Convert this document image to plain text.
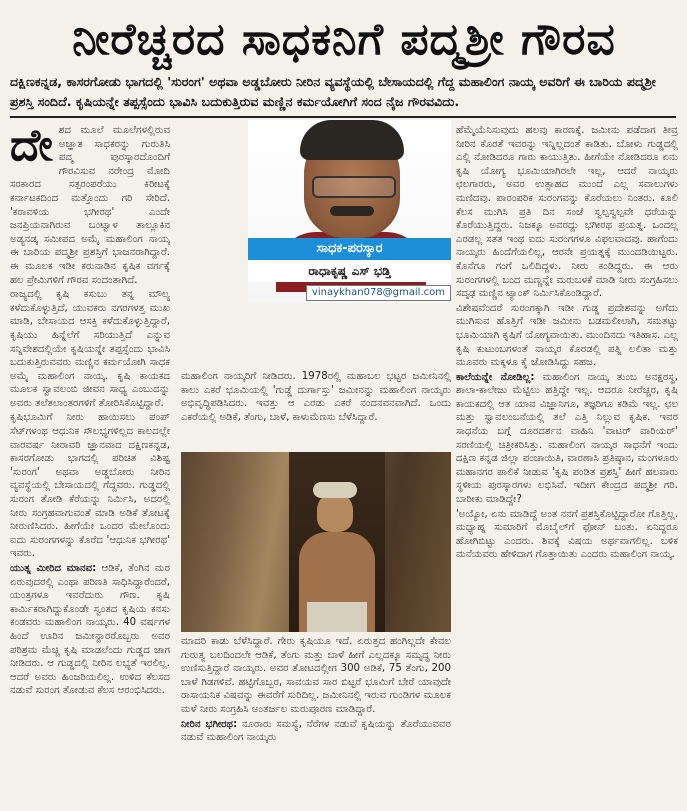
ನೀರೆಚ್ಚರದ ಸಾಧಕನಿಗೆ ಪದ್ಮಶ್ರೀ ಗೌರವ

ದಕ್ಷಿಣಕನ್ನಡ, ಕಾಸರಗೋಡು ಭಾಗದಲ್ಲಿ 'ಸುರಂಗ' ಅಥವಾ ಅಡ್ಡಬೋರು ನೀರಿನ ವ್ಯವಸ್ಥೆಯಲ್ಲಿ ಬೇಸಾಯದಲ್ಲಿ ಗೆದ್ದ ಮಹಾಲಿಂಗ ನಾಯ್ಕ ಅವರಿಗೆ ಈ ಬಾರಿಯ ಪದ್ಮಶ್ರೀ ಪ್ರಶಸ್ತಿ ಸಂದಿದೆ. ಕೃಷಿಯನ್ನೇ ತಪ್ಪಸ್ಸೆಂದು ಭಾವಿಸಿ ಬದುಕುತ್ತಿರುವ ಮಣ್ಣಿನ ಕರ್ಮಯೋಗಿಗೆ ಸಂದ ನೈಜ ಗೌರವವಿದು.

ದೇ ಶದ ಮೂಲೆ ಮೂಲೆಗಳಲ್ಲಿರುವ ಅಜ್ಞಾತ ಸಾಧಕರನ್ನು ಗುರುತಿಸಿ ಪದ್ಮ ಪುರಸ್ಕಾರದೊಂದಿಗೆ ಗೌರವಿಸುವ ನರೇಂದ್ರ ಮೋದಿ ಸರಕಾರದ ಸತ್ಪರಂಪರೆಯು ಕಿರೀಟಕ್ಕೆ ಕರ್ನಾಟಕದಿಂದ ಮತ್ತೊಂದು ಗರಿ ಸೇರಿದೆ. 'ಕರಾವಳಿಯ ಭಗೀರಥ' ಎಂದೇ ಜನಪ್ರಿಯನಾಗಿರುವ ಬಂಟ್ವಾಳ ತಾಲ್ಲೂಕಿನ ಅಡ್ಯನಡ್ಕ ಸಮೀಪದ ಅಮೈ ಮಹಾಲಿಂಗ ನಾಯ್ಕ ಈ ಬಾರಿಯ ಪದ್ಮಶ್ರೀ ಪ್ರಶಸ್ತಿಗೆ ಭಾಜನರಾಗಿದ್ದಾರೆ. ಈ ಮೂಲಕ ಇಡೀ ಕರುನಾಡಿನ ಕೃಷಿಕ ವರ್ಗಕ್ಕೆ ಹಲ ಪ್ರೇಮಿಗಳಿಗೆ ಗೌರವ ಸಂದಂತಾಗಿದೆ.

ರಾಜ್ಯದಲ್ಲಿ ಕೃಷಿ ಕಸುಬು ತನ್ನ ಮೌಲ್ಯ ಕಳೆದುಕೊಳ್ಳುತ್ತಿದೆ, ಯುವಕರು ನಗರಗಳತ್ತ ಮುಖ ಮಾಡಿ, ಬೇಸಾಯದ ಆಸಕ್ತಿ ಕಳೆದುಕೊಳ್ಳುತ್ತಿದ್ದಾರೆ, ಕೃಷಿಯು ಹಿನ್ನೆಲೆಗೆ ಸರಿಯುತ್ತಿದೆ ಎನ್ನುವ ಸನ್ನಿವೇಶದಲ್ಲಿಯೇ ಕೃಷಿಯನ್ನೇ ತಪ್ಪಸ್ಸೆಂದು ಭಾವಿಸಿ ಬದುಕುತ್ತಿರುವವರು ಮಣ್ಣಿನ ಕರ್ಮಯೋಗಿ ಸಾಧಕ ಅಮೈ ಮಹಾಲಿಂಗ ನಾಯ್ಕ. ಕೃಷಿ ಕಾಯಕದ ಮೂಲಕ ಸ್ವಾವಲಂಬಿ ಜೀವನ ಸಾಧ್ಯ ಎಂಬುದನ್ನು ಅವರು ತಲೆತಲಾಂತರಗಳಿಗೆ ತೋರಿಸಿಕೊಟ್ಟಿದ್ದಾರೆ.

ಕೃಷಿಭೂಮಿಗೆ ನೀರು ಹಾಯಿಸಲು ಪಂಪ್ ಸೆಟ್‌ಗಳಂಥ ಆಧುನಿಕ ಸೌಲಭ್ಯಗಳಿಲ್ಲದ ಕಾಲದಲ್ಲೇ ವಾರವರ್ಷ ನೀರಾವರಿ ಜ್ಞಾನವಾದ ದಕ್ಷಿಣಕನ್ನಡ, ಕಾಸರಗೋಡು ಭಾಗದಲ್ಲಿ ಪರಿಚಿತ ವಿಶಿಷ್ಟ 'ಸುರಂಗ' ಅಥವಾ ಅಡ್ಡಬೋರು ನೀರಿನ ವ್ಯವಸ್ಥೆಯಲ್ಲಿ ಬೇಸಾಯದಲ್ಲಿ ಗೆದ್ದವರು. ಗುಡ್ಡದಲ್ಲಿ ಸುರಂಗ ತೋಡಿ ಕೆರೆಯನ್ನು ನಿರ್ಮಿಸಿ, ಅದರಲ್ಲಿ ನೀರು ಸಂಗ್ರಹವಾಗುವಂತೆ ಮಾಡಿ ಅಡಿಕೆ ತೋಟಕ್ಕೆ ನೀರುಣಿಸಿದರು. ಹೀಗೆಯೇ ಒಂದರ ಮೇಲೊಂದು ಐದು ಸುರಂಗಗಳನ್ನು ಕೊರೆದ 'ಆಧುನಿಕ ಭಗೀರಥ' ಇವರು.

ಯುತ್ನ ಮೀರಿದ ಮಾನವ: ಆಡಿಕೆ, ತೆಂಗಿನ ಮರ ಏರುವುದರಲ್ಲಿ ಎಂಥಾ ಪರಿಣತಿ ಸಾಧಿಸಿದ್ದಾರೆಂದರೆ, ಯಂತ್ರಗಳೂ ಇವರೆದುರು ಗೌಣ. ಕೃಷಿ ಕಾರ್ಮಿಕರಾಗಿದ್ದುಕೊಂಡೇ ಸ್ವಂತದ ಕೃಷಿಯ ಕನಸು ಕಂಡವರು ಮಹಾಲಿಂಗ ನಾಯ್ಕರು. 40 ವರ್ಷಗಳ ಹಿಂದೆ ಊರಿನ ಜಮೀನ್ದಾರರೊಬ್ಬರು ಅವರ ಪರಿಶ್ರಮ ಮೆಚ್ಚಿ ಕೃಷಿ ಮಾಡಲೆಂದು ಗುಡ್ಡದ ಜಾಗ ನೀಡಿದರು. ಆ ಗುಡ್ಡದಲ್ಲಿ ನೀರಿನ ಲಭ್ಯತೆ ಇರಲಿಲ್ಲ. ಆದರೆ ಅವರು ಹಿಂಜರಿಯಲಿಲ್ಲ. ಉಳಿದ ಕೆಲಸದ ನಡುವೆ ಸುರಂಗ ತೋಡುವ ಕೆಲಸ ಆರಂಭಿಸಿದರು.

ಸಾಧಕ-ಪರಸ್ಕಾರ
ರಾಧಾಕೃಷ್ಣ ಎಸ್ ಭಡ್ತಿ
vinaykhan078@gmail.com

ಮಹಾಲಿಂಗ ನಾಯ್ಕರಿಗೆ ನೀಡಿದರು. 1978ರಲ್ಲಿ ಮಹಾಬಲ ಭಟ್ಟರ ಜಮೀನಿನಲ್ಲಿ ಕಾಲು ಎಕರೆ ಭೂಮಿಯಲ್ಲಿ 'ಗುಡ್ಡೆ ದುರ್ಗಾಸ್ತು' ಜಮೀನನ್ನು ಮಹಾಲಿಂಗ ನಾಯ್ಕರು ಅಭಿವೃದ್ಧಿಪಡಿಸಿದರು. ಇವತ್ತು ಆ ಎರಡು ಎಕರೆ ನಂದನವನವಾಗಿದೆ. ಒಂದು ಎಕರೆಯಲ್ಲಿ ಅಡಿಕೆ, ತೆಂಗು, ಬಾಳೆ, ಕಾಳುಮೆಣಸು ಬೆಳೆಸಿದ್ದಾರೆ.

ಮಾದರಿ ಕಾಡು ಬೆಳೆಸಿದ್ದಾರೆ. ಗೇರು ಕೃಷಿಯೂ ಇದೆ. ಏರುತ್ತದ ಹಂಗಿಲ್ಲದೇ ಕೇವಲ ಗುರುತ್ವ ಬಲದಿಂದಲೇ ಆಡಿಕೆ, ತೆಂಗು ಮತ್ತು ಬಾಳೆ ಹೀಗೆ ಎಲ್ಲದಕ್ಕೂ ಸಮೃದ್ಧ ನೀರು ಉಣಿಸುತ್ತಿದ್ದಾರೆ ನಾಯ್ಕರು. ಅವರ ತೋಟದಲ್ಲೀಗ 300 ಅಡಿಕೆ, 75 ತೆಂಗು, 200 ಬಾಳೆ ಗಿಡಗಳಿವೆ. ಹಟ್ಟಿಗೊಬ್ಬರ, ಸಾವಯವ ಸಾರ ಬಿಟ್ಟರೆ ಭೂಮಿಗೆ ಬೇರೆ ಯಾವುದೇ ರಾಸಾಯನಿಕ ವಿಷವನ್ನು ಈವರೆಗೆ ಸುರಿದಿಲ್ಲ. ಜಮೀನಿನಲ್ಲಿ ಇರುವ ಗುಂಡಿಗಳ ಮೂಲಕ ಮಳೆ ನೀರು ಸಂಗ್ರಹಿಸಿ ಅಂತರ್ಜಲ ಮರುಪೂರಣ ಮಾಡಿದ್ದಾರೆ.

ನೀರಿನ ಭಗೀರಥ: ನೂರಾರು ಸಮಸ್ಯೆ, ನೆರೆಗಳ ನಡುವೆ ಕೃಷಿಯನ್ನು ತೊರೆಯುವವರ ನಡುವೆ ಮಹಾಲಿಂಗ ನಾಯ್ಕರು

ಹೆಮ್ಮೆಯೆನಿಸುವುದು ಹಲವು ಕಾರಣಕ್ಕೆ. ಜಮೀನು ಪಡೆದಾಗ ತೀವ್ರ ನೀರಿನ ಕೊರತೆ ಇವರನ್ನು ಇನ್ನಿಲ್ಲದಂತೆ ಕಾಡಿತು. ಬೋಳು ಗುಡ್ಡದಲ್ಲಿ ಎಲ್ಲಿ ನೋಡಿದರೂ ಗಾರು ಕಾಯುತ್ತಿತು. ಹೀಗೆಯೇ ನೋಡಿದರೂ ಏನು ಕೃಷಿ ಯೋಗ್ಯ ಭೂಮಿಯಾಗಿರಲೇ ಇಲ್ಲ, ಆದರೆ ನಾಯ್ಕರು ಛಲಗಾರರು, ಅವರ ಉತ್ಸಾಹದ ಮುಂದೆ ಎಲ್ಲ ಸವಾಲುಗಳು ಮಣಿದವು. ಪಾರಂಪರಿಕ ಸುರಂಗವನ್ನು ಕೊರೆಯಲು ನಿಂತರು. ಕೂಲಿ ಕೆಲಸ ಮುಗಿಸಿ ಪ್ರತಿ ದಿನ ಸಂಜೆ ಸ್ವಲ್ಪಸ್ವಲ್ಪವೇ ಧರೆಯನ್ನು ಕೊರೆಯುತ್ತಿದ್ದರು. ನಿಜಕ್ಕೂ ಅವರದ್ದು ಭಗೀರಥ ಪ್ರಯತ್ನ. ಒಂದಲ್ಲ ಎರಡಲ್ಲ ಸತತ ಇಂಥ ಐದು ಸುರಂಗಗಳೂ ವಿಫಲವಾದವು. ಹಾಗೆಂದು ನಾಯ್ಕರು ಹಿಂದೆಗೆಯಲಿಲ್ಲ, ಆರನೇ ಪ್ರಯತ್ನಕ್ಕೆ ಮುಂದಡಿಯಿಟ್ಟರು. ಕೊನೆಗೂ ಗಂಗೆ ಒಲಿದಿದ್ದಳು. ನೀರು ಕಂಡಿದ್ದರು. ಈ ಆರು ಸುರಂಗಗಳಲ್ಲಿ ಬಂದ ಮಣ್ಣನ್ನೇ ಮರುಬಳಕೆ ಮಾಡಿ ನೀರು ಸಂಗ್ರಹಿಸಲು ಸದೃಢ ಮಣ್ಣಿನ ಟ್ಯಾಂಕ್ ನಿರ್ಮಿಸಿಕೊಂಡಿದ್ದಾರೆ.

ವಿಶೇಷವೆಂದರೆ ಸುರಂಗಕ್ಕಾಗಿ ಇಡೀ ಗುಡ್ಡ ಪ್ರದೇಶವನ್ನು ಅಗೆದು ಮುಗಿಸುವ ಹೊತ್ತಿಗೆ ಇಡೀ ಜಮೀನು ಬಡಮಲೀಲಾಗಿ, ಸಮತಟ್ಟು ಭೂಮಿಯಾಗಿ ಕೃಷಿಗೆ ಯೋಗ್ಯವಾಯಿತು. ಮುಂದಿನದು ಇತಿಹಾಸ. ಎಲ್ಲ ಕೃಷಿ ಕುಟುಂಬಗಳಂತೆ ನಾಯ್ಕರ ಕೊರಡಲ್ಲಿ ಪತ್ನಿ ಲಲಿತಾ ಮತ್ತು ಮೂವರು ಮಕ್ಕಳೂ ಕೈ ಜೋಡಿಸಿದ್ದು ಸಹಜ.

ಕಾಲೆಯನ್ನೇ ನೋಡಿಲ್ಲ: ಮಹಾಲಿಂಗ ನಾಯ್ಕ ತುಂಬ ಅನಕ್ಷರಸ್ಥ, ಶಾಲಾ-ಕಾಲೇಜು ಮೆಟ್ಟಿಲು ಹತ್ತಿದ್ದೇ ಇಲ್ಲ. ಆದರೂ ನೀರೆಚ್ಚರ, ಕೃಷಿ ಕಾಯಕದಲ್ಲಿ ಆತ ಯಾವ ವಿಜ್ಞಾನಿಗೂ, ತಜ್ಞರಿಗೂ ಕಡಿಮೆ ಇಲ್ಲ. ಛಲ ಮತ್ತು ಸ್ವಾವಲಂಬನೆಯಲ್ಲಿ ತಲೆ ಎತ್ತಿ ನಿಲ್ಲುವ ಕೃಷಿಕ. ಇವರ ಸಾಧನೆಯ ಬಗ್ಗೆ ದೂರದರ್ಶನ ವಾಹಿನಿ 'ವಾಟರ್ ವಾರಿಯರ್' ಸರಣಿಯಲ್ಲಿ ಚಿತ್ರೀಕರಿಸಿತ್ತು. ಮಹಾಲಿಂಗ ನಾಯ್ಕರ ಸಾಧನೆಗೆ ಇಂದು ದಕ್ಷಿಣ ಕನ್ನಡ ಜಿಲ್ಲಾ ಪಂಚಾಯಿತಿ, ವಾರಣಾಸಿ ಪ್ರತಿಷ್ಠಾನ, ಮಂಗಳೂರು ಮಹಾನಗರ ಪಾಲಿಕೆ ನೀಡುವ 'ಕೃಷಿ ಪಂಡಿತ ಪ್ರಶಸ್ತಿ' ಹೀಗೆ ಹಲವಾರು ಸ್ಥಳೀಯ ಪುರಸ್ಕಾರಗಳು ಲಭಿಸಿವೆ. ಇದೀಗ ಕೇಂದ್ರದ ಪದ್ಮಶ್ರೀ ಗರಿ. ಬಾರೀಕು ಮಾಡಿದ್ದೇ?

'ಅಯ್ಯೋ, ಏನು ಮಾಡಿದ್ದೆ ಅಂತ ನನಗೆ ಪ್ರಶಸ್ತಿಕೊಟ್ಟಿದ್ದಾರೋ ಗೊತ್ತಿಲ್ಲ. ಮಧ್ಯಾಹ್ನ ಸುಮಾರಿಗೆ ಮೊಬೈಲ್‌ಗೆ ಫೋನ್ ಬಂತು. ಏನಿದ್ದರೂ ಹೋಗಿಬಿಟ್ಟು ಎಂದರು. ಶಿವಕ್ಕೆ ವಿಷಯ ಅರ್ಥವಾಗಲಿಲ್ಲ. ಬಳಿಕ ಮನೆಯವರು ಹೇಳಿದಾಗ ಗೊತ್ತಾಯಿತು ಎಂದರು ಮಹಾಲಿಂಗ ನಾಯ್ಕ.
